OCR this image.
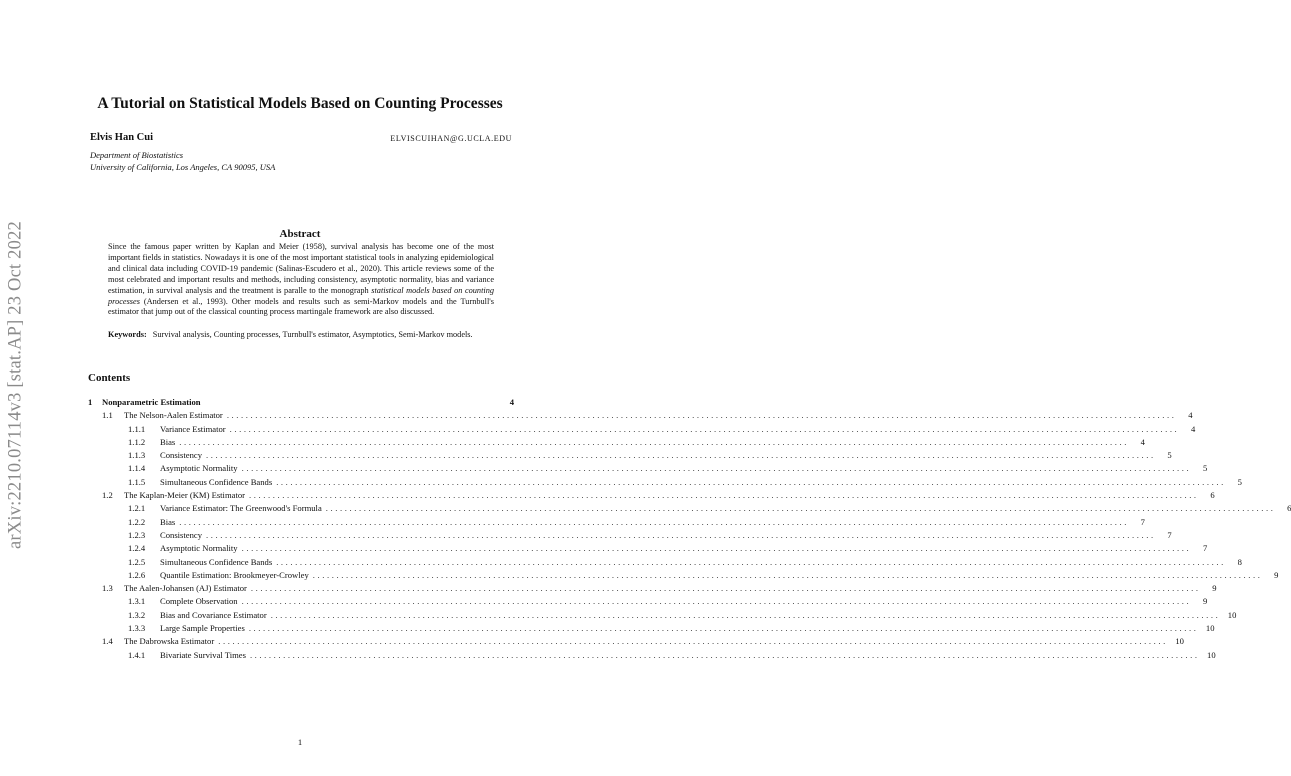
arXiv:2210.07114v3 [stat.AP] 23 Oct 2022
A Tutorial on Statistical Models Based on Counting Processes
Elvis Han Cui	ELVISCUIHAN@G.UCLA.EDU
Department of Biostatistics
University of California, Los Angeles, CA 90095, USA
Abstract
Since the famous paper written by Kaplan and Meier (1958), survival analysis has become one of the most important fields in statistics. Nowadays it is one of the most important statistical tools in analyzing epidemiological and clinical data including COVID-19 pandemic (Salinas-Escudero et al., 2020). This article reviews some of the most celebrated and important results and methods, including consistency, asymptotic normality, bias and variance estimation, in survival analysis and the treatment is paralle to the monograph statistical models based on counting processes (Andersen et al., 1993). Other models and results such as semi-Markov models and the Turnbull's estimator that jump out of the classical counting process martingale framework are also discussed.
Keywords: Survival analysis, Counting processes, Turnbull's estimator, Asymptotics, Semi-Markov models.
Contents
1	Nonparametric Estimation	4
1.1	The Nelson-Aalen Estimator ........................................................................................................................................................................................................	4
1.1.1	Variance Estimator ........................................................................................................................................................................................................	4
1.1.2	Bias ........................................................................................................................................................................................................	4
1.1.3	Consistency ........................................................................................................................................................................................................	5
1.1.4	Asymptotic Normality ........................................................................................................................................................................................................	5
1.1.5	Simultaneous Confidence Bands ........................................................................................................................................................................................................	5
1.2	The Kaplan-Meier (KM) Estimator ........................................................................................................................................................................................................	6
1.2.1	Variance Estimator: The Greenwood's Formula ........................................................................................................................................................................................................	6
1.2.2	Bias ........................................................................................................................................................................................................	7
1.2.3	Consistency ........................................................................................................................................................................................................	7
1.2.4	Asymptotic Normality ........................................................................................................................................................................................................	7
1.2.5	Simultaneous Confidence Bands ........................................................................................................................................................................................................	8
1.2.6	Quantile Estimation: Brookmeyer-Crowley ........................................................................................................................................................................................................	9
1.3	The Aalen-Johansen (AJ) Estimator ........................................................................................................................................................................................................	9
1.3.1	Complete Observation ........................................................................................................................................................................................................	9
1.3.2	Bias and Covariance Estimator ........................................................................................................................................................................................................ 10
1.3.3	Large Sample Properties ........................................................................................................................................................................................................ 10
1.4	The Dabrowska Estimator ........................................................................................................................................................................................................ 10
1.4.1	Bivariate Survival Times ........................................................................................................................................................................................................ 10
1
